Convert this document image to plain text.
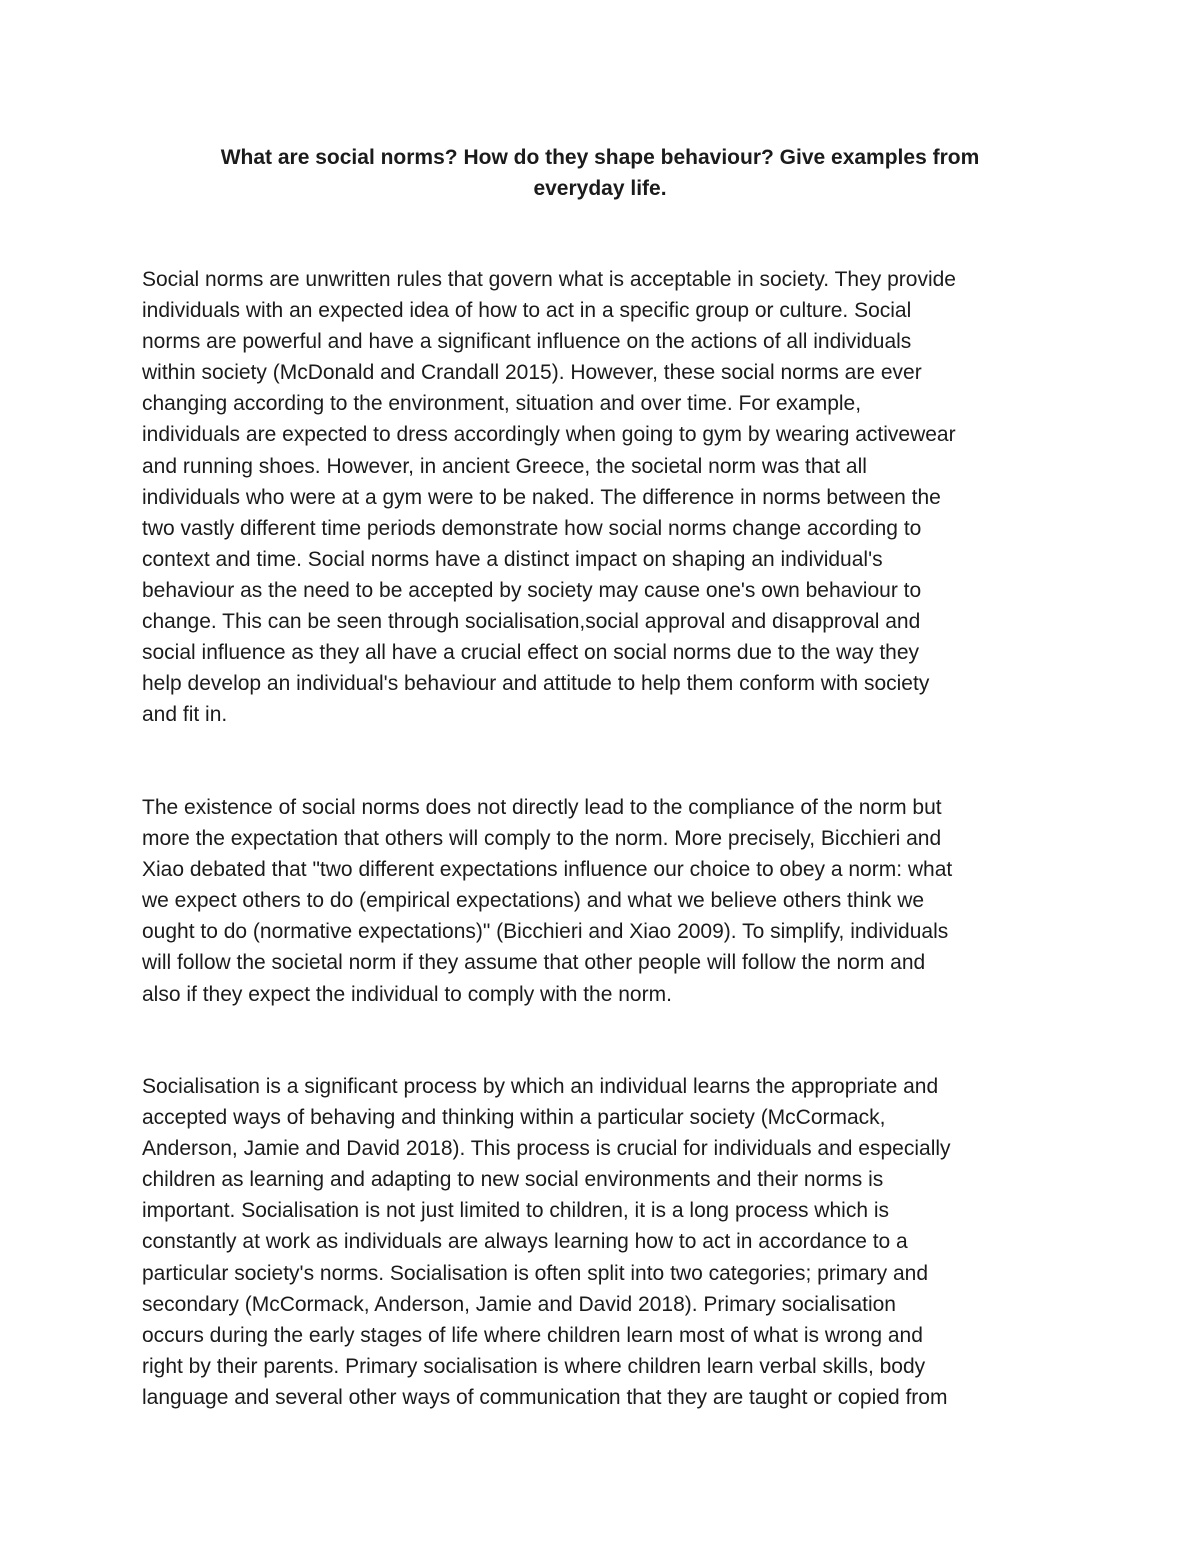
What are social norms? How do they shape behaviour? Give examples from
everyday life.

Social norms are unwritten rules that govern what is acceptable in society. They provide
individuals with an expected idea of how to act in a specific group or culture. Social
norms are powerful and have a significant influence on the actions of all individuals
within society (McDonald and Crandall 2015). However, these social norms are ever
changing according to the environment, situation and over time. For example,
individuals are expected to dress accordingly when going to gym by wearing activewear
and running shoes. However, in ancient Greece, the societal norm was that all
individuals who were at a gym were to be naked. The difference in norms between the
two vastly different time periods demonstrate how social norms change according to
context and time. Social norms have a distinct impact on shaping an individual's
behaviour as the need to be accepted by society may cause one's own behaviour to
change. This can be seen through socialisation,social approval and disapproval and
social influence as they all have a crucial effect on social norms due to the way they
help develop an individual's behaviour and attitude to help them conform with society
and fit in.

The existence of social norms does not directly lead to the compliance of the norm but
more the expectation that others will comply to the norm. More precisely, Bicchieri and
Xiao debated that "two different expectations influence our choice to obey a norm: what
we expect others to do (empirical expectations) and what we believe others think we
ought to do (normative expectations)" (Bicchieri and Xiao 2009). To simplify, individuals
will follow the societal norm if they assume that other people will follow the norm and
also if they expect the individual to comply with the norm.

Socialisation is a significant process by which an individual learns the appropriate and
accepted ways of behaving and thinking within a particular society (McCormack,
Anderson, Jamie and David 2018). This process is crucial for individuals and especially
children as learning and adapting to new social environments and their norms is
important. Socialisation is not just limited to children, it is a long process which is
constantly at work as individuals are always learning how to act in accordance to a
particular society's norms. Socialisation is often split into two categories; primary and
secondary (McCormack, Anderson, Jamie and David 2018). Primary socialisation
occurs during the early stages of life where children learn most of what is wrong and
right by their parents. Primary socialisation is where children learn verbal skills, body
language and several other ways of communication that they are taught or copied from
